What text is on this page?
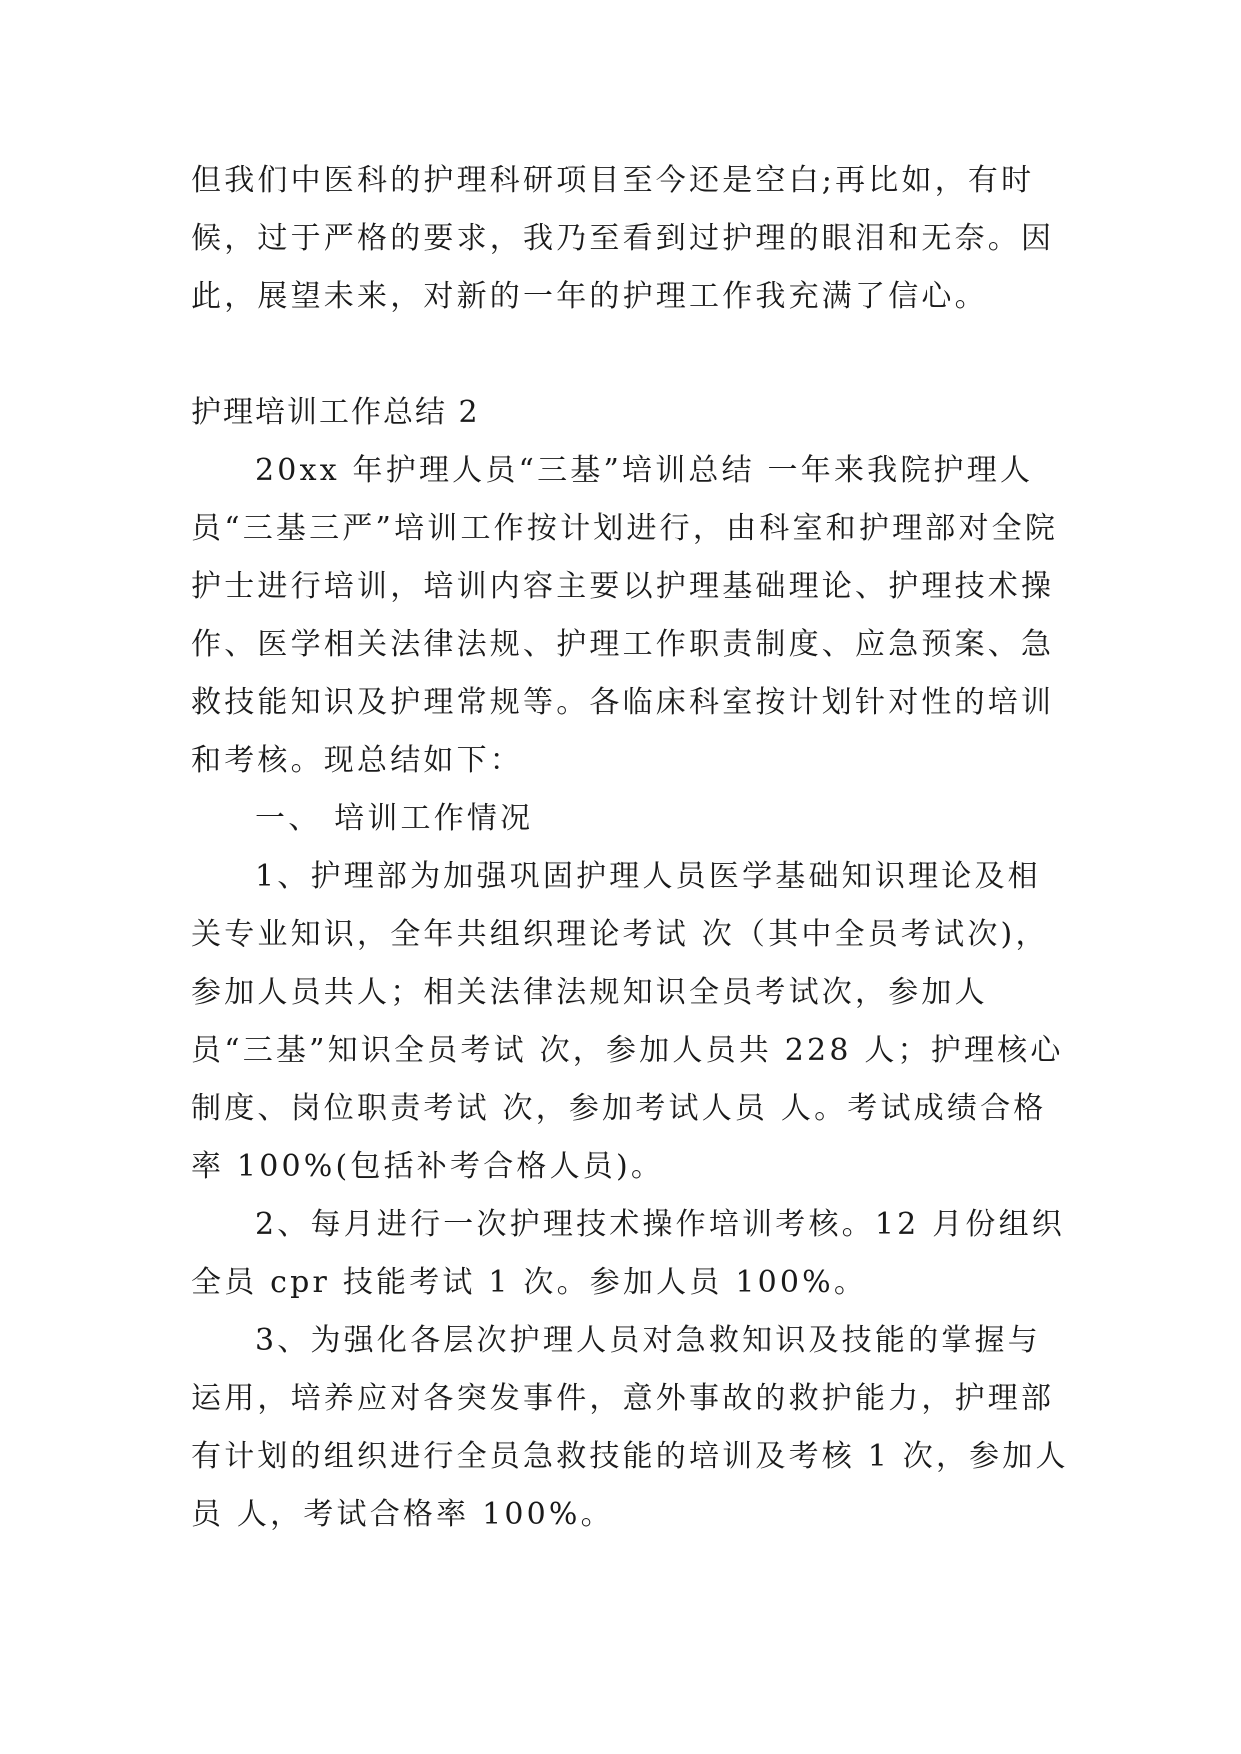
但我们中医科的护理科研项目至今还是空白;再比如，有时候，过于严格的要求，我乃至看到过护理的眼泪和无奈。因此，展望未来，对新的一年的护理工作我充满了信心。

护理培训工作总结 2

20xx 年护理人员“三基”培训总结 一年来我院护理人员“三基三严”培训工作按计划进行，由科室和护理部对全院护士进行培训，培训内容主要以护理基础理论、护理技术操作、医学相关法律法规、护理工作职责制度、应急预案、急救技能知识及护理常规等。各临床科室按计划针对性的培训和考核。现总结如下：

一、 培训工作情况

1、护理部为加强巩固护理人员医学基础知识理论及相关专业知识，全年共组织理论考试 次（其中全员考试次)，参加人员共人；相关法律法规知识全员考试次，参加人员“三基”知识全员考试 次，参加人员共 228 人；护理核心制度、岗位职责考试 次，参加考试人员 人。考试成绩合格率 100%(包括补考合格人员)。

2、每月进行一次护理技术操作培训考核。12 月份组织全员 cpr 技能考试 1 次。参加人员 100%。

3、为强化各层次护理人员对急救知识及技能的掌握与运用，培养应对各突发事件，意外事故的救护能力，护理部有计划的组织进行全员急救技能的培训及考核 1 次，参加人员 人，考试合格率 100%。
